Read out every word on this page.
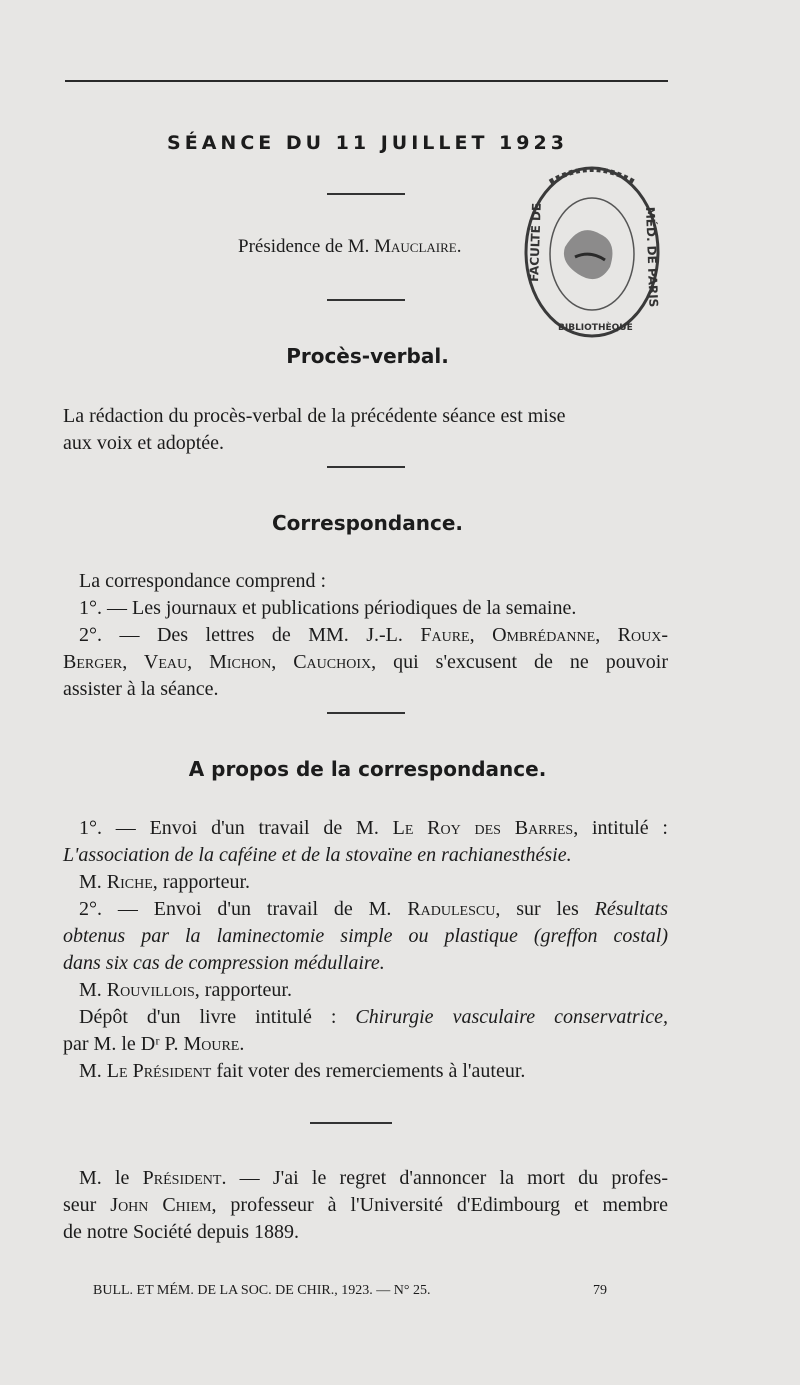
SÉANCE DU 11 JUILLET 1923
Présidence de M. Mauclaire.	FACULTÉ DE	MÉD. DE PARIS
BIBLIOTHÈQUE
Procès-verbal.
La rédaction du procès-verbal de la précédente séance est mise
aux voix et adoptée.
Correspondance.
La correspondance comprend :
1°. — Les journaux et publications périodiques de la semaine.
2°. — Des lettres de MM. J.-L. Faure, Ombrédanne, Roux-
Berger, Veau, Michon, Cauchoix, qui s'excusent de ne pouvoir
assister à la séance.
A propos de la correspondance.
1°. — Envoi d'un travail de M. Le Roy des Barres, intitulé :
L'association de la caféine et de la stovaïne en rachianesthésie.
M. Riche, rapporteur.
2°. — Envoi d'un travail de M. Radulescu, sur les Résultats
obtenus par la laminectomie simple ou plastique (greffon costal)
dans six cas de compression médullaire.
M. Rouvillois, rapporteur.
Dépôt d'un livre intitulé : Chirurgie vasculaire conservatrice,
par M. le Dʳ P. Moure.
M. Le Président fait voter des remerciements à l'auteur.
M. le Président. — J'ai le regret d'annoncer la mort du profes-
seur John Chiem, professeur à l'Université d'Edimbourg et membre
de notre Société depuis 1889.
BULL. ET MÉM. DE LA SOC. DE CHIR., 1923. — N° 25.	79
